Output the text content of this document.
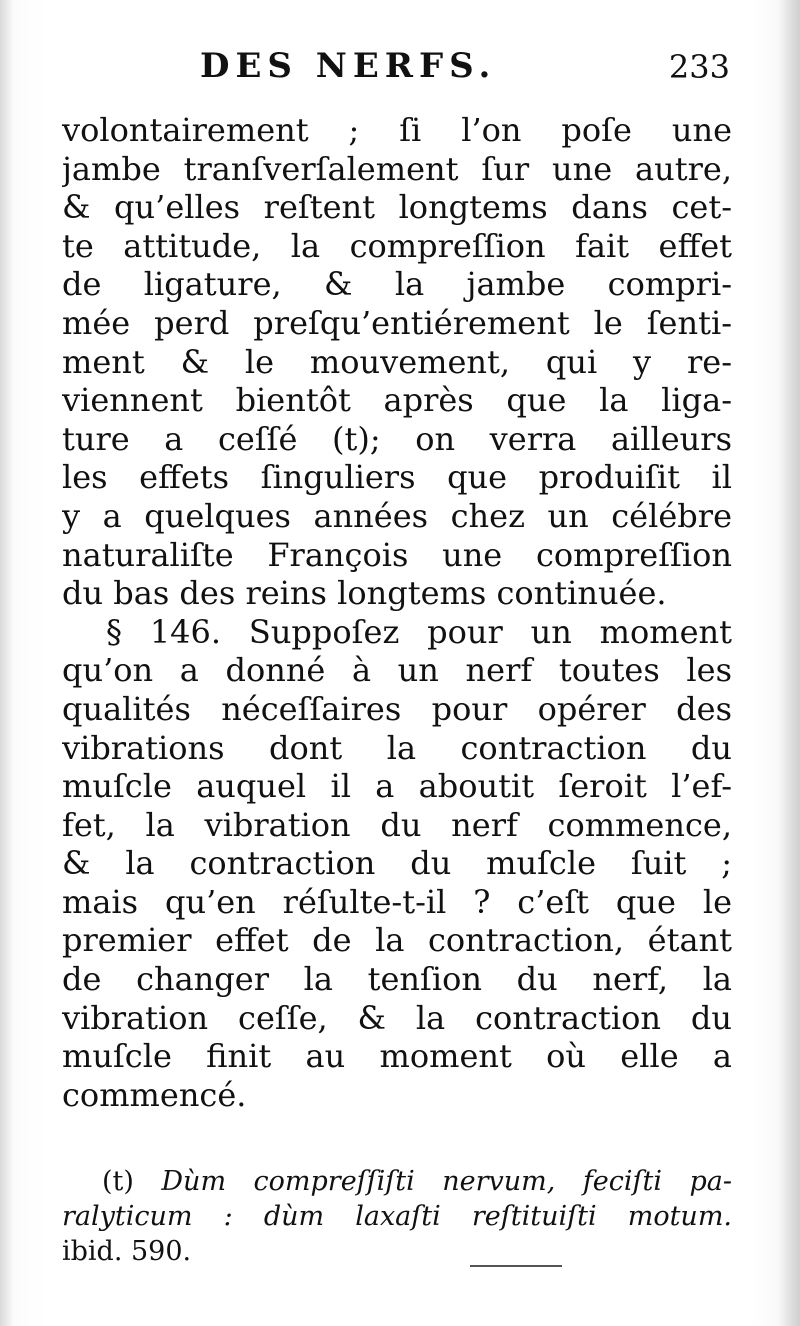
DES NERFS.	233
volontairement ; ſi l’on poſe une
jambe tranſverſalement ſur une autre,
& qu’elles reſtent longtems dans cet-
te attitude, la compreſſion fait effet
de ligature, & la jambe compri-
mée perd preſqu’entiérement le ſenti-
ment & le mouvement, qui y re-
viennent bientôt après que la liga-
ture a ceſſé (t); on verra ailleurs
les effets ſinguliers que produiſit il
y a quelques années chez un célébre
naturaliſte François une compreſſion
du bas des reins longtems continuée.
§ 146. Suppoſez pour un moment
qu’on a donné à un nerf toutes les
qualités néceſſaires pour opérer des
vibrations dont la contraction du
muſcle auquel il a aboutit ſeroit l’ef-
fet, la vibration du nerf commence,
& la contraction du muſcle ſuit ;
mais qu’en réſulte-t-il ? c’eſt que le
premier effet de la contraction, étant
de changer la tenſion du nerf, la
vibration ceſſe, & la contraction du
muſcle finit au moment où elle a
commencé.
(t) Dùm compreſſiſti nervum, feciſti pa-
ralyticum : dùm laxaſti reſtituiſti motum.
ibid. 590.
